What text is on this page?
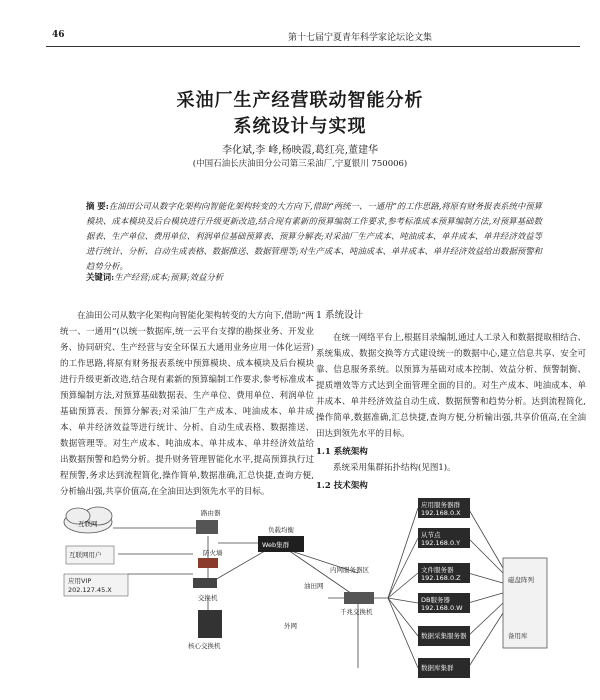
46	第十七届宁夏青年科学家论坛论文集
采油厂生产经营联动智能分析
系统设计与实现
李化斌,李 峰,杨映霞,葛红亮,董建华
(中国石油长庆油田分公司第三采油厂,宁夏银川 750006)
摘 要:在油田公司从数字化架构向智能化架构转变的大方向下,借助“两统一、一通用”的工作思路,将原有财务报表系统中预算模块、成本模块及后台模块进行升级更新改造,结合现有素新的预算编制工作要求,参考标准成本预算编制方法,对预算基础数据表、生产单位、费用单位、利润单位基础预算表、预算分解表;对采油厂生产成本、吨油成本、单井成本、单井经济效益等进行统计、分析、自动生成表格、数据推送、数据管理等;对生产成本、吨油成本、单井成本、单井经济效益给出数据预警和趋势分析。
关键词:生产经营;成本;预算;效益分析
在油田公司从数字化架构向智能化架构转变的大方向下,借助“两统一、一通用”(以统一数据库,统一云平台支撑的勘探业务、开发业务、协同研究、生产经营与安全环保五大通用业务应用一体化运营)的工作思路,将原有财务报表系统中预算模块、成本模块及后台模块进行升级更新改造,结合现有素新的预算编制工作要求,参考标准成本预算编制方法,对预算基础数据表、生产单位、费用单位、利润单位基础预算表、预算分解表;对采油厂生产成本、吨油成本、单井成本、单井经济效益等进行统计、分析、自动生成表格、数据推送、数据管理等。对生产成本、吨油成本、单井成本、单井经济效益给出数据预警和趋势分析。提升财务管理智能化水平,提高预算执行过程预警,务求达到流程简化,操作简单,数据准确,汇总快捷,查询方便,分析输出强,共享价值高,在全油田达到领先水平的目标。
1 系统设计
在统一网络平台上,根据目录编制,通过人工录入和数据提取相结合、系统集成、数据交换等方式建设统一的数据中心,建立信息共享、安全可靠、信息服务系统。以预算为基础对成本控制、效益分析、预警制衡、提质增效等方式达到全面管理全面的目的。对生产成本、吨油成本、单井成本、单井经济效益自动生成、数据预警和趋势分析。达到流程简化,操作简单,数据准确,汇总快捷,查询方便,分析输出强,共享价值高,在全油田达到领先水平的目标。
1.1 系统架构
系统采用集群拓扑结构(见图1)。
1.2 技术架构
互联网
路由器
防火墙
互联网用户
交换机
应用VIP
202.127.45.X
核心交换机
Web集群
负载均衡
内网服务器区
千兆交换机
外网
油田网
应用服务器群
192.168.0.X
从节点
192.168.0.Y
文件服务器
192.168.0.Z
DB服务器
192.168.0.W
数据采集服务器
数据库集群
磁盘阵列
备用库
